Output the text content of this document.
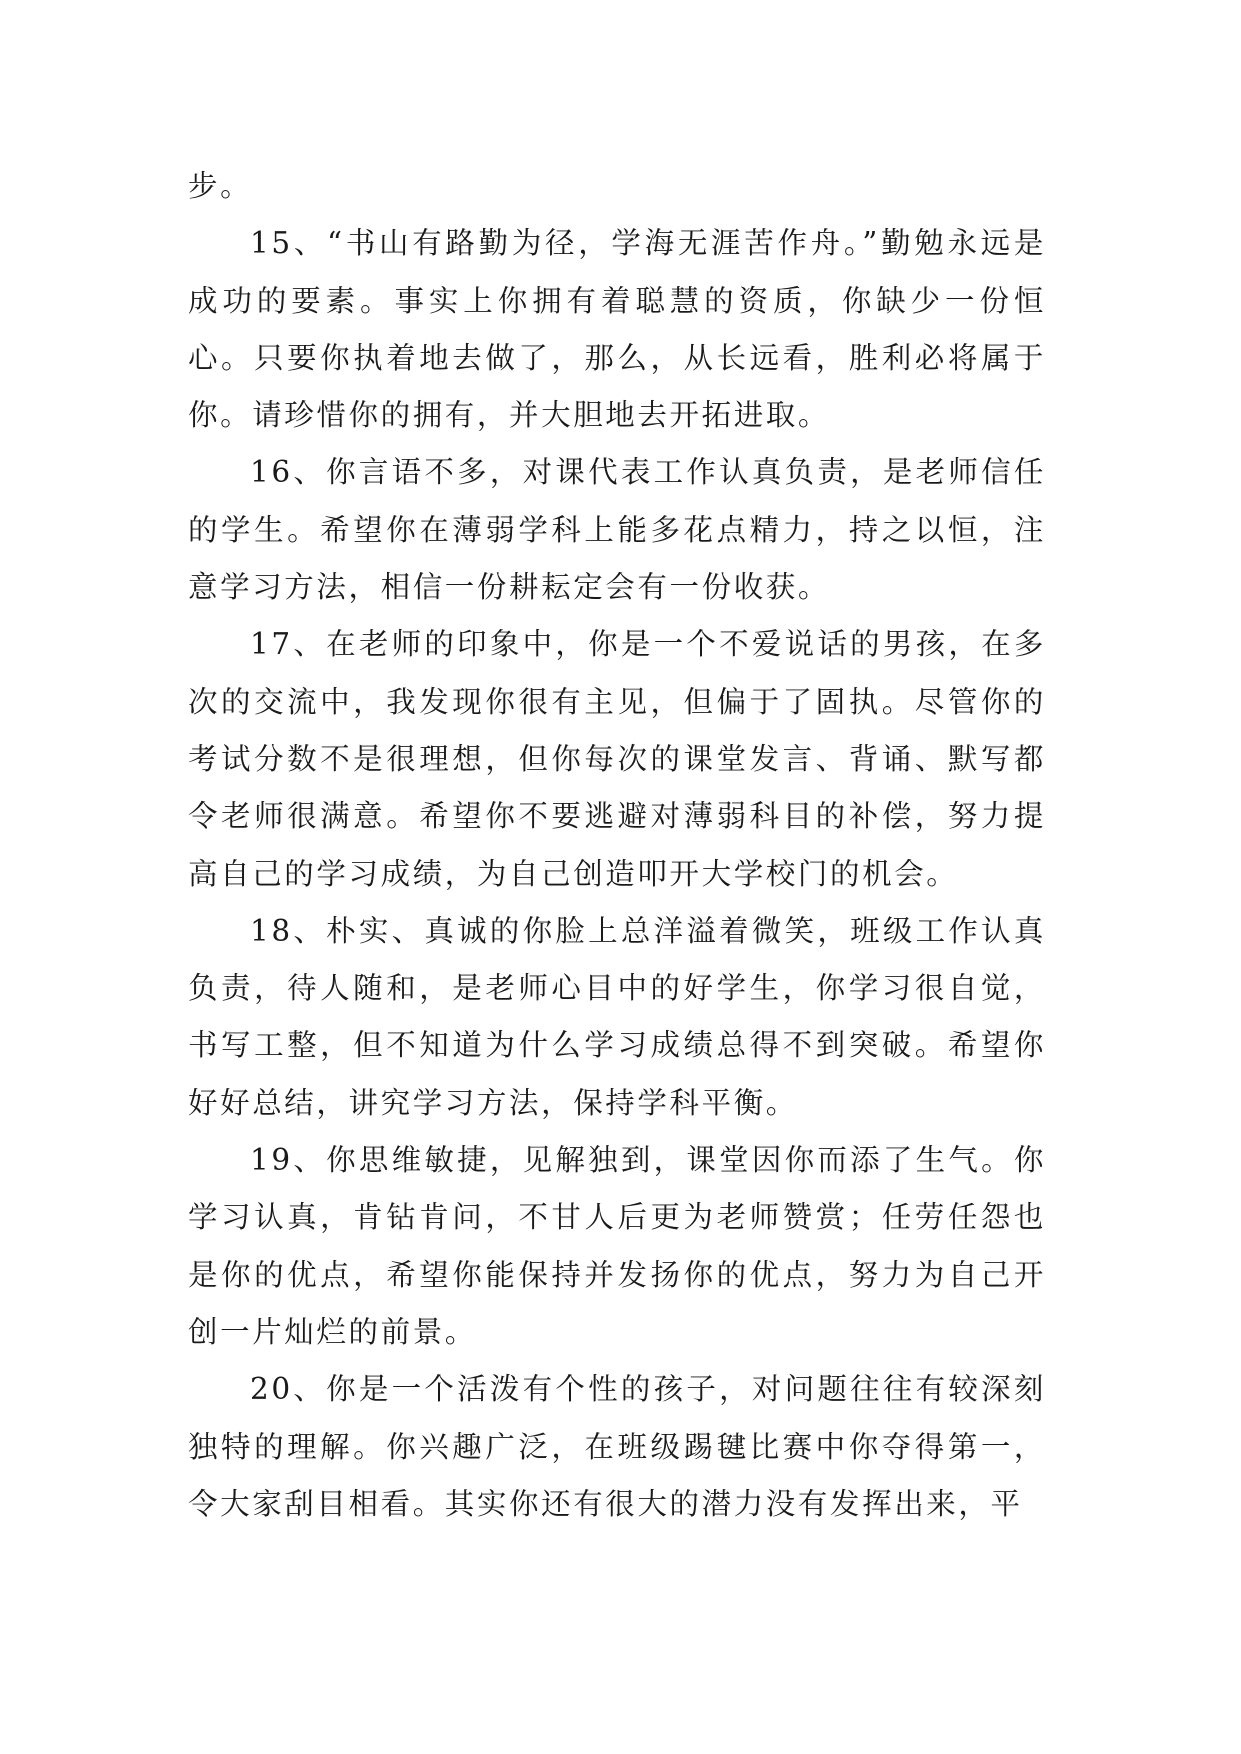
步。

15、“书山有路勤为径，学海无涯苦作舟。”勤勉永远是成功的要素。事实上你拥有着聪慧的资质，你缺少一份恒心。只要你执着地去做了，那么，从长远看，胜利必将属于你。请珍惜你的拥有，并大胆地去开拓进取。

16、你言语不多，对课代表工作认真负责，是老师信任的学生。希望你在薄弱学科上能多花点精力，持之以恒，注意学习方法，相信一份耕耘定会有一份收获。

17、在老师的印象中，你是一个不爱说话的男孩，在多次的交流中，我发现你很有主见，但偏于了固执。尽管你的考试分数不是很理想，但你每次的课堂发言、背诵、默写都令老师很满意。希望你不要逃避对薄弱科目的补偿，努力提高自己的学习成绩，为自己创造叩开大学校门的机会。

18、朴实、真诚的你脸上总洋溢着微笑，班级工作认真负责，待人随和，是老师心目中的好学生，你学习很自觉，书写工整，但不知道为什么学习成绩总得不到突破。希望你好好总结，讲究学习方法，保持学科平衡。

19、你思维敏捷，见解独到，课堂因你而添了生气。你学习认真，肯钻肯问，不甘人后更为老师赞赏；任劳任怨也是你的优点，希望你能保持并发扬你的优点，努力为自己开创一片灿烂的前景。

20、你是一个活泼有个性的孩子，对问题往往有较深刻独特的理解。你兴趣广泛，在班级踢毽比赛中你夺得第一，令大家刮目相看。其实你还有很大的潜力没有发挥出来，平
